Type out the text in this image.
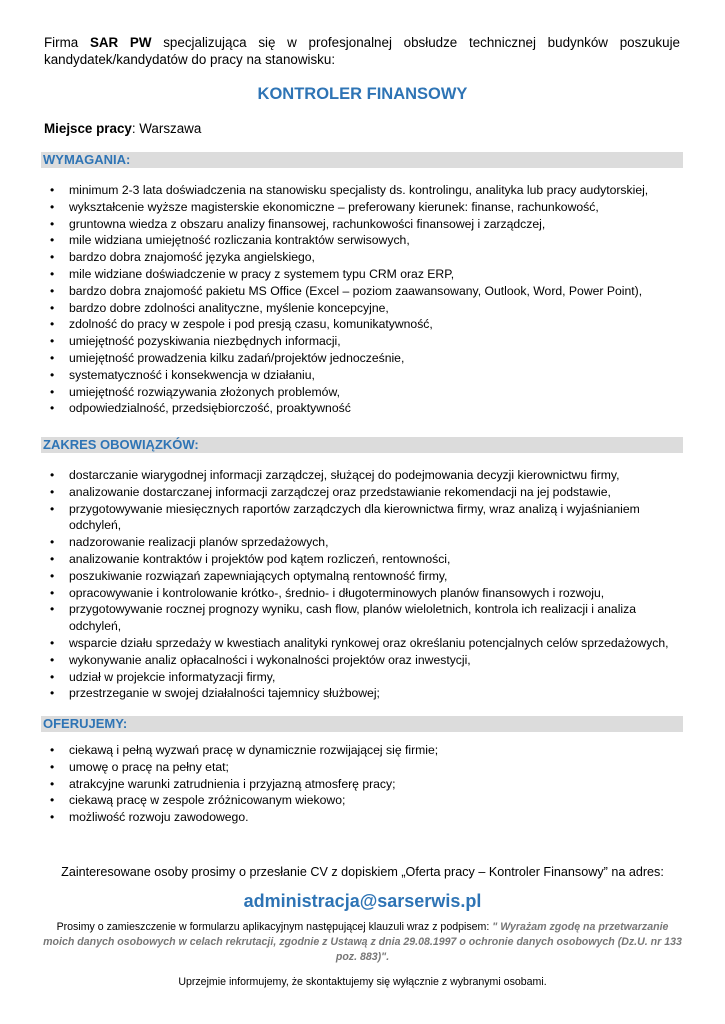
Firma SAR PW specjalizująca się w profesjonalnej obsłudze technicznej budynków poszukuje kandydatek/kandydatów do pracy na stanowisku:
KONTROLER FINANSOWY
Miejsce pracy: Warszawa
WYMAGANIA:
• minimum 2-3 lata doświadczenia na stanowisku specjalisty ds. kontrolingu, analityka lub pracy audytorskiej,
• wykształcenie wyższe magisterskie ekonomiczne – preferowany kierunek: finanse, rachunkowość,
• gruntowna wiedza z obszaru analizy finansowej, rachunkowości finansowej i zarządczej,
• mile widziana umiejętność rozliczania kontraktów serwisowych,
• bardzo dobra znajomość języka angielskiego,
• mile widziane doświadczenie w pracy z systemem typu CRM oraz ERP,
• bardzo dobra znajomość pakietu MS Office (Excel – poziom zaawansowany, Outlook, Word, Power Point),
• bardzo dobre zdolności analityczne, myślenie koncepcyjne,
• zdolność do pracy w zespole i pod presją czasu, komunikatywność,
• umiejętność pozyskiwania niezbędnych informacji,
• umiejętność prowadzenia kilku zadań/projektów jednocześnie,
• systematyczność i konsekwencja w działaniu,
• umiejętność rozwiązywania złożonych problemów,
• odpowiedzialność, przedsiębiorczość, proaktywność
ZAKRES OBOWIĄZKÓW:
• dostarczanie wiarygodnej informacji zarządczej, służącej do podejmowania decyzji kierownictwu firmy,
• analizowanie dostarczanej informacji zarządczej oraz przedstawianie rekomendacji na jej podstawie,
• przygotowywanie miesięcznych raportów zarządczych dla kierownictwa firmy, wraz analizą i wyjaśnianiem odchyleń,
• nadzorowanie realizacji planów sprzedażowych,
• analizowanie kontraktów i projektów pod kątem rozliczeń, rentowności,
• poszukiwanie rozwiązań zapewniających optymalną rentowność firmy,
• opracowywanie i kontrolowanie krótko-, średnio- i długoterminowych planów finansowych i rozwoju,
• przygotowywanie rocznej prognozy wyniku, cash flow, planów wieloletnich, kontrola ich realizacji i analiza odchyleń,
• wsparcie działu sprzedaży w kwestiach analityki rynkowej oraz określaniu potencjalnych celów sprzedażowych,
• wykonywanie analiz opłacalności i wykonalności projektów oraz inwestycji,
• udział w projekcie informatyzacji firmy,
• przestrzeganie w swojej działalności tajemnicy służbowej;
OFERUJEMY:
• ciekawą i pełną wyzwań pracę w dynamicznie rozwijającej się firmie;
• umowę o pracę na pełny etat;
• atrakcyjne warunki zatrudnienia i przyjazną atmosferę pracy;
• ciekawą pracę w zespole zróżnicowanym wiekowo;
• możliwość rozwoju zawodowego.
Zainteresowane osoby prosimy o przesłanie CV z dopiskiem „Oferta pracy – Kontroler Finansowy” na adres:
administracja@sarserwis.pl
Prosimy o zamieszczenie w formularzu aplikacyjnym następującej klauzuli wraz z podpisem: " Wyrażam zgodę na przetwarzanie moich danych osobowych w celach rekrutacji, zgodnie z Ustawą z dnia 29.08.1997 o ochronie danych osobowych (Dz.U. nr 133 poz. 883)".
Uprzejmie informujemy, że skontaktujemy się wyłącznie z wybranymi osobami.
